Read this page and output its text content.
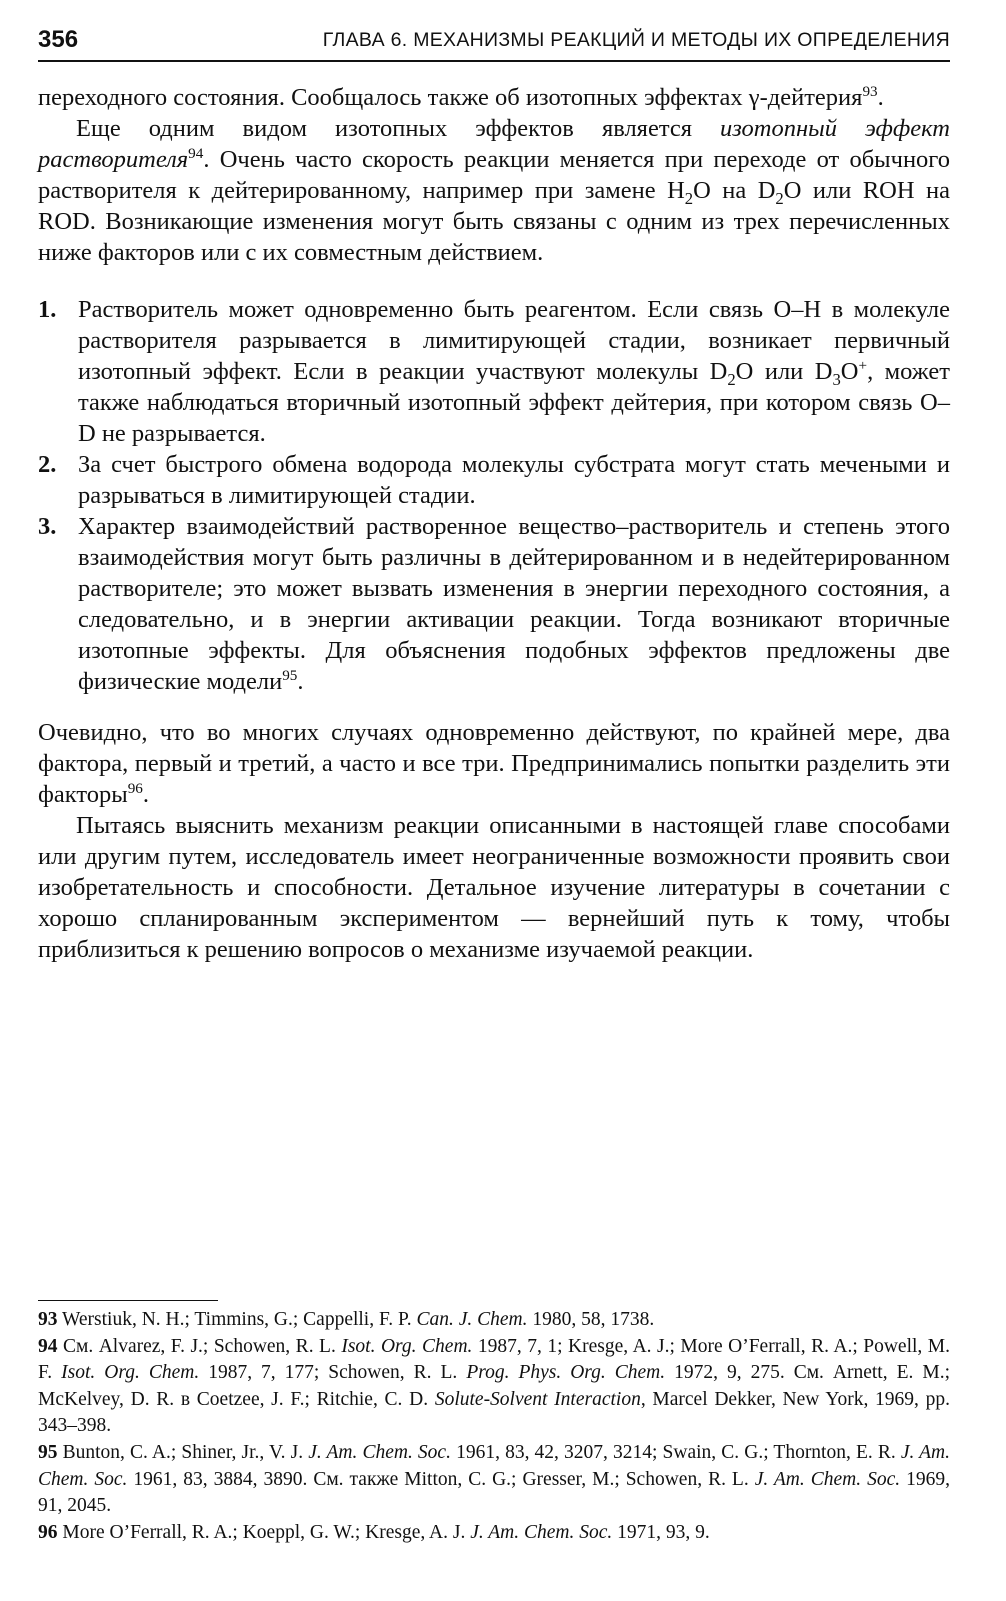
356	ГЛАВА 6. МЕХАНИЗМЫ РЕАКЦИЙ И МЕТОДЫ ИХ ОПРЕДЕЛЕНИЯ

переходного состояния. Сообщалось также об изотопных эффектах γ-дейтерия$^{93}$.

Еще одним видом изотопных эффектов является изотопный эффект растворителя$^{94}$. Очень часто скорость реакции меняется при переходе от обычного растворителя к дейтерированному, например при замене $H_2O$ на $D_2O$ или ROH на ROD. Возникающие изменения могут быть связаны с одним из трех перечисленных ниже факторов или с их совместным действием.

1. Растворитель может одновременно быть реагентом. Если связь O–H в молекуле растворителя разрывается в лимитирующей стадии, возникает первичный изотопный эффект. Если в реакции участвуют молекулы $D_2O$ или $D_3O^+$, может также наблюдаться вторичный изотопный эффект дейтерия, при котором связь O–D не разрывается.
2. За счет быстрого обмена водорода молекулы субстрата могут стать мечеными и разрываться в лимитирующей стадии.
3. Характер взаимодействий растворенное вещество–растворитель и степень этого взаимодействия могут быть различны в дейтерированном и в недейтерированном растворителе; это может вызвать изменения в энергии переходного состояния, а следовательно, и в энергии активации реакции. Тогда возникают вторичные изотопные эффекты. Для объяснения подобных эффектов предложены две физические модели$^{95}$.

Очевидно, что во многих случаях одновременно действуют, по крайней мере, два фактора, первый и третий, а часто и все три. Предпринимались попытки разделить эти факторы$^{96}$.

Пытаясь выяснить механизм реакции описанными в настоящей главе способами или другим путем, исследователь имеет неограниченные возможности проявить свои изобретательность и способности. Детальное изучение литературы в сочетании с хорошо спланированным экспериментом — вернейший путь к тому, чтобы приблизиться к решению вопросов о механизме изучаемой реакции.

93 Werstiuk, N. H.; Timmins, G.; Cappelli, F. P. Can. J. Chem. 1980, 58, 1738.

94 См. Alvarez, F. J.; Schowen, R. L. Isot. Org. Chem. 1987, 7, 1; Kresge, A. J.; More O’Ferrall, R. A.; Powell, M. F. Isot. Org. Chem. 1987, 7, 177; Schowen, R. L. Prog. Phys. Org. Chem. 1972, 9, 275. См. Arnett, E. M.; McKelvey, D. R. в Coetzee, J. F.; Ritchie, C. D. Solute-Solvent Interaction, Marcel Dekker, New York, 1969, pp. 343–398.

95 Bunton, C. A.; Shiner, Jr., V. J. J. Am. Chem. Soc. 1961, 83, 42, 3207, 3214; Swain, C. G.; Thornton, E. R. J. Am. Chem. Soc. 1961, 83, 3884, 3890. См. также Mitton, C. G.; Gresser, M.; Schowen, R. L. J. Am. Chem. Soc. 1969, 91, 2045.

96 More O’Ferrall, R. A.; Koeppl, G. W.; Kresge, A. J. J. Am. Chem. Soc. 1971, 93, 9.
